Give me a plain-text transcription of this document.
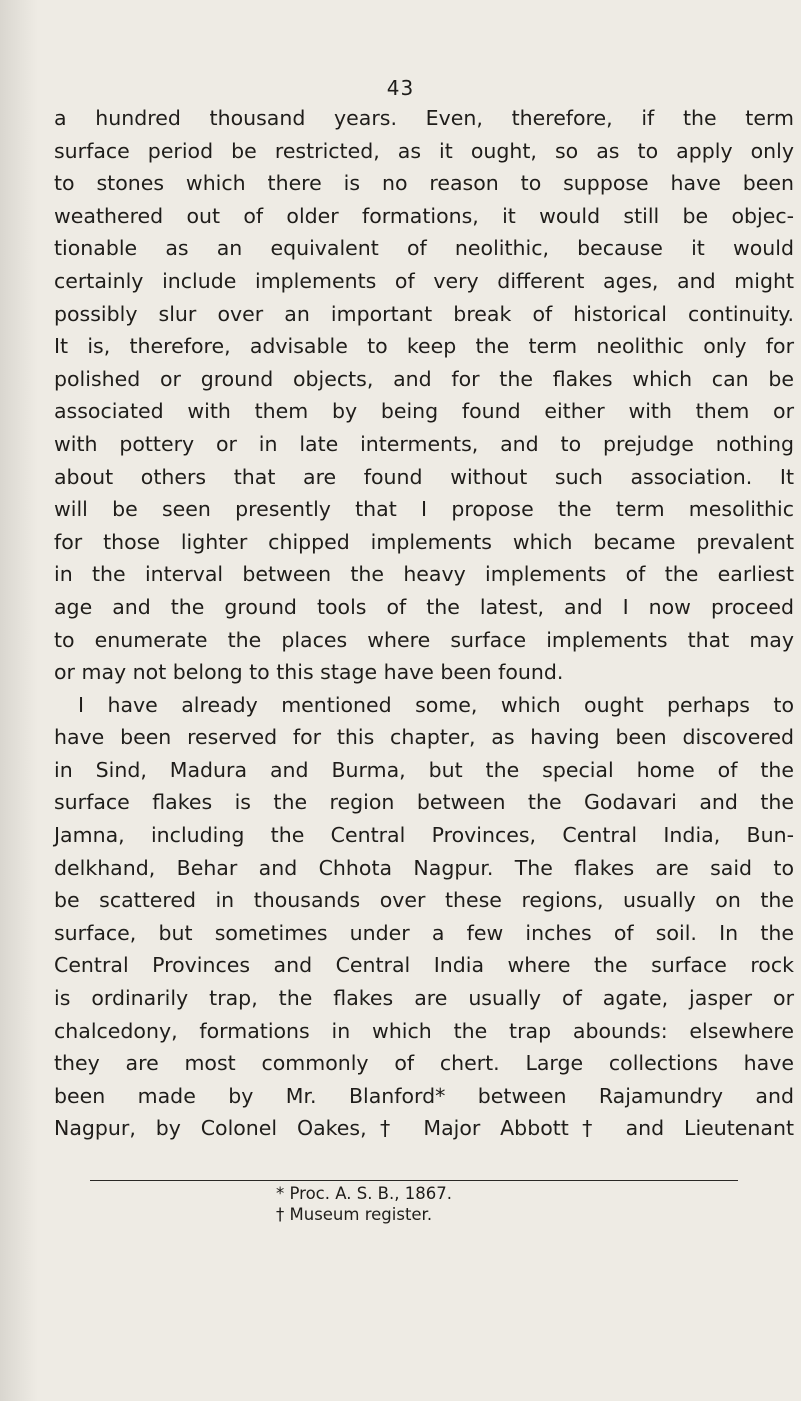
43
a hundred thousand years. Even, therefore, if the term
surface period be restricted, as it ought, so as to apply only
to stones which there is no reason to suppose have been
weathered out of older formations, it would still be objec-
tionable as an equivalent of neolithic, because it would
certainly include implements of very different ages, and might
possibly slur over an important break of historical continuity.
It is, therefore, advisable to keep the term neolithic only for
polished or ground objects, and for the flakes which can be
associated with them by being found either with them or
with pottery or in late interments, and to prejudge nothing
about others that are found without such association. It
will be seen presently that I propose the term mesolithic
for those lighter chipped implements which became prevalent
in the interval between the heavy implements of the earliest
age and the ground tools of the latest, and I now proceed
to enumerate the places where surface implements that may
or may not belong to this stage have been found.
I have already mentioned some, which ought perhaps to
have been reserved for this chapter, as having been discovered
in Sind, Madura and Burma, but the special home of the
surface flakes is the region between the Godavari and the
Jamna, including the Central Provinces, Central India, Bun-
delkhand, Behar and Chhota Nagpur. The flakes are said to
be scattered in thousands over these regions, usually on the
surface, but sometimes under a few inches of soil. In the
Central Provinces and Central India where the surface rock
is ordinarily trap, the flakes are usually of agate, jasper or
chalcedony, formations in which the trap abounds: elsewhere
they are most commonly of chert. Large collections have
been made by Mr. Blanford* between Rajamundry and
Nagpur, by Colonel Oakes,† Major Abbott† and Lieutenant
* Proc. A. S. B., 1867.
† Museum register.
